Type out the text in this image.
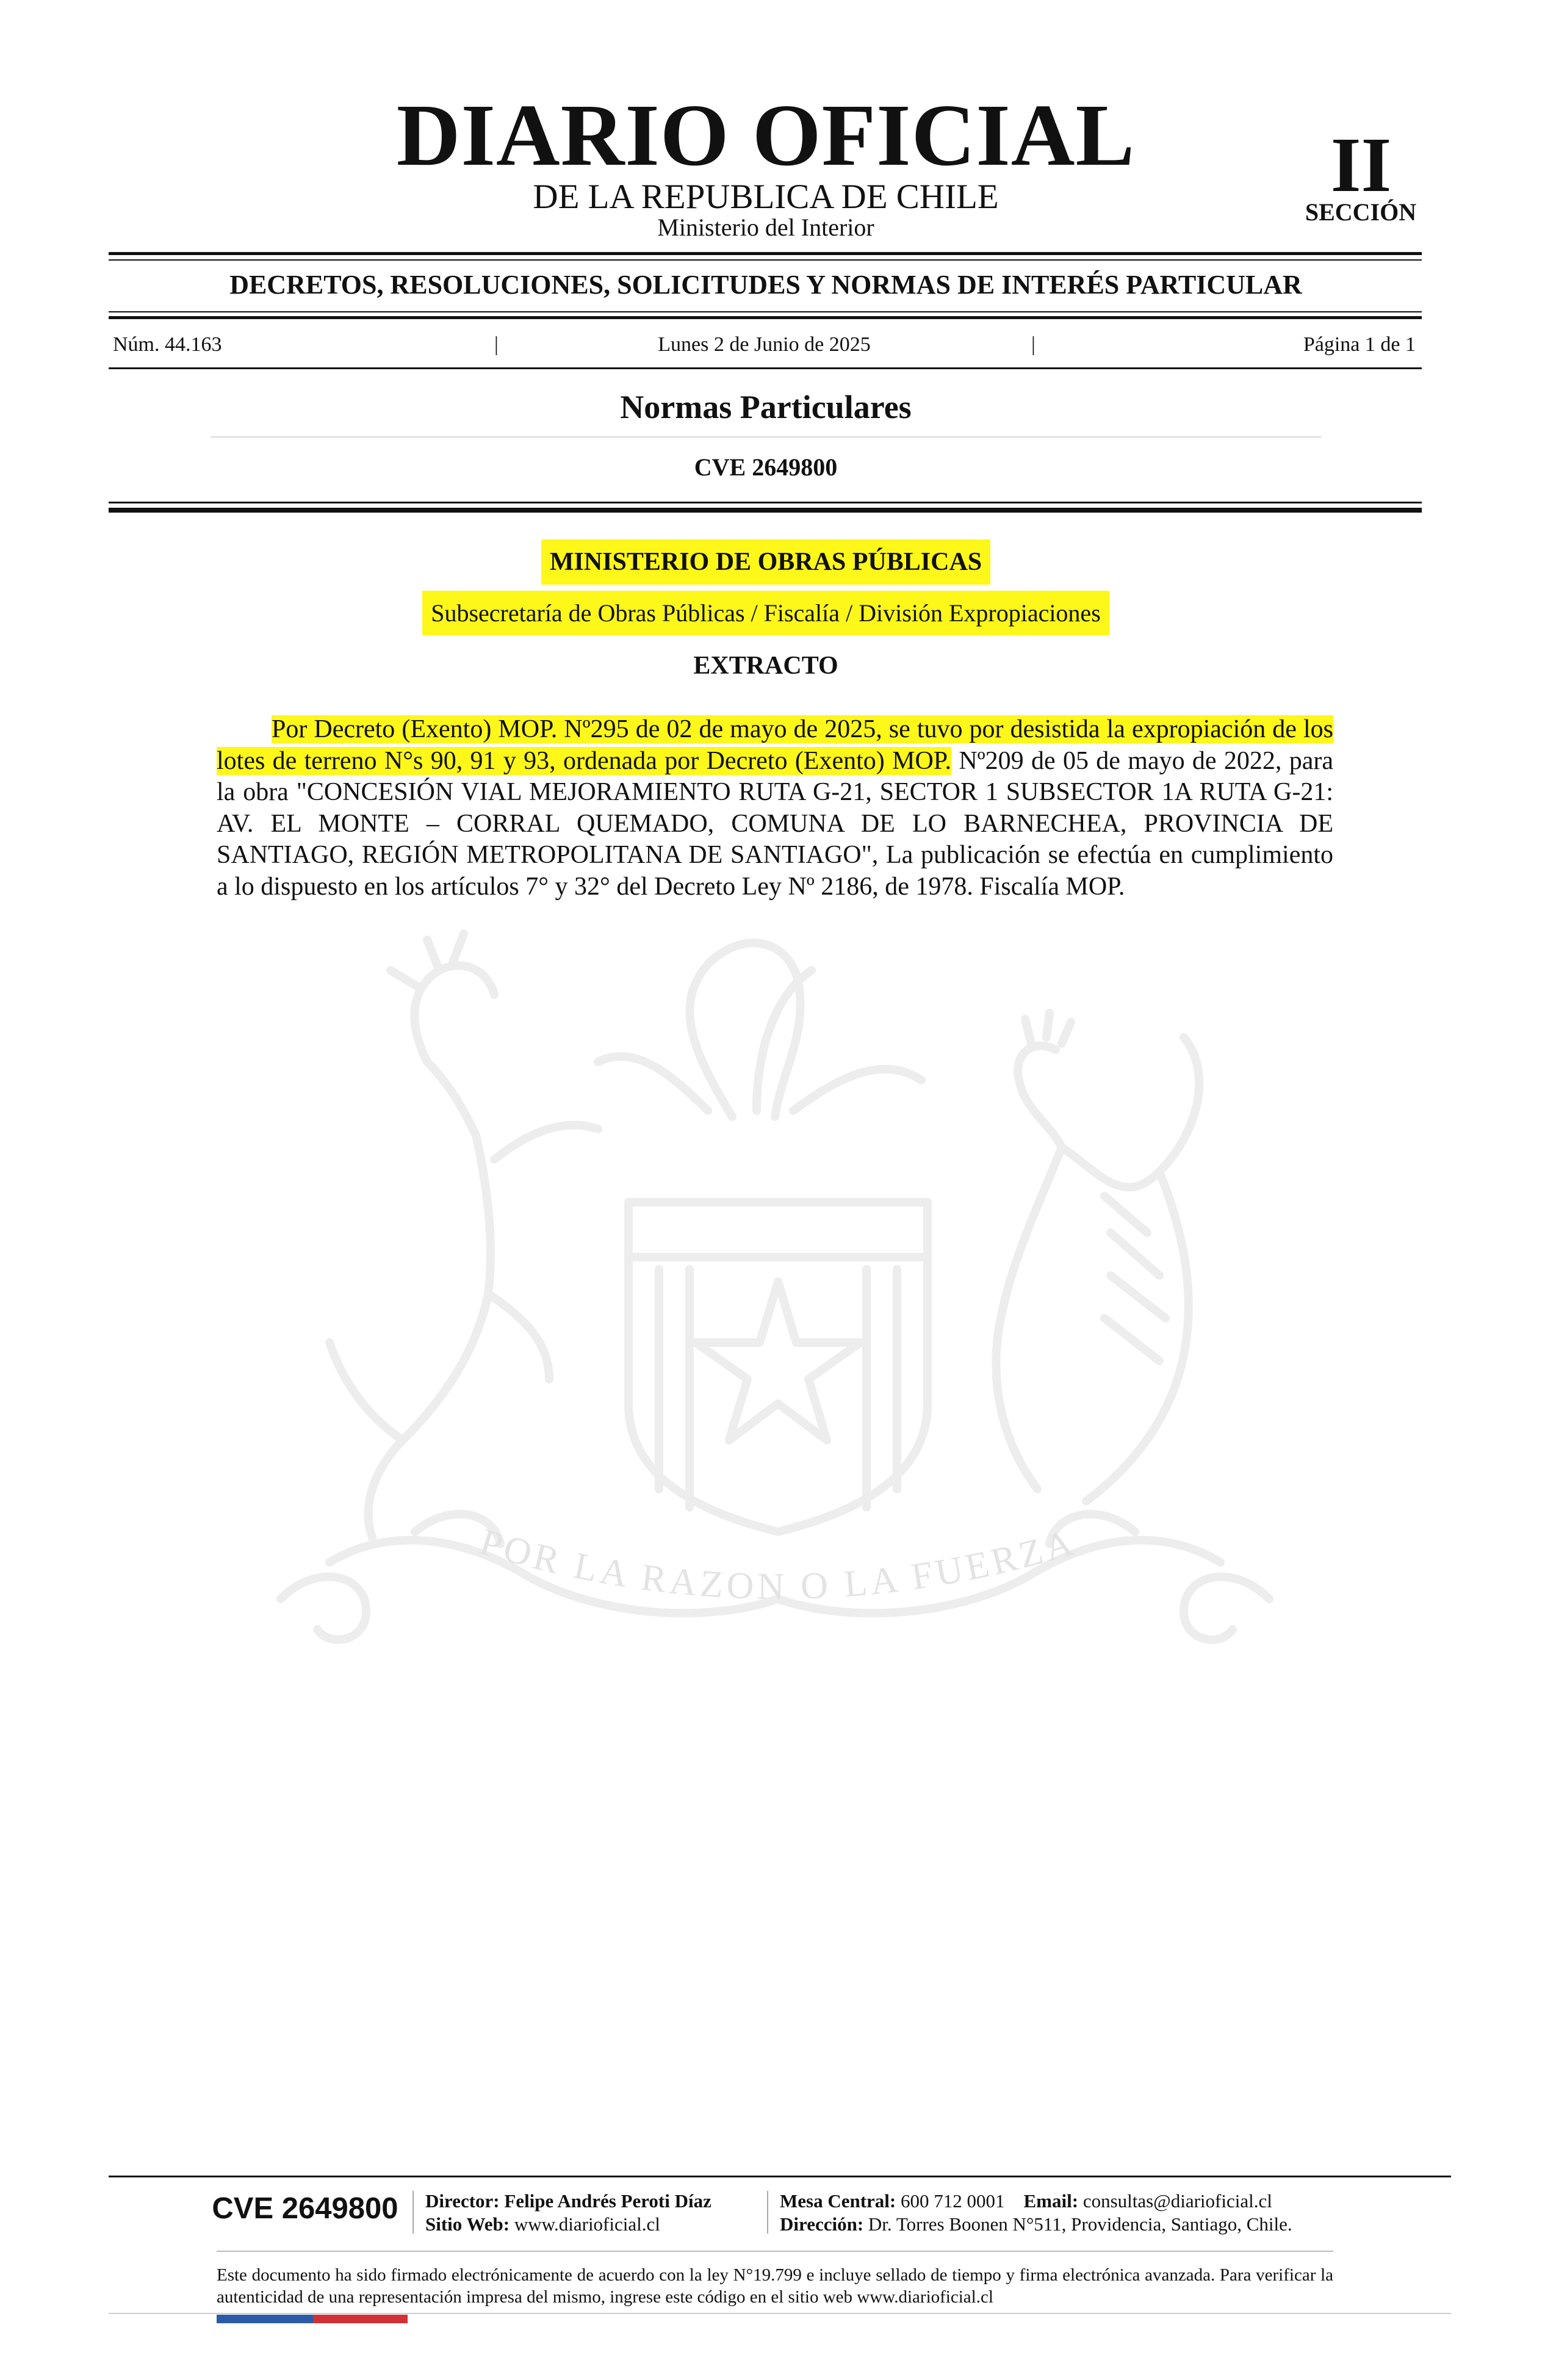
DIARIO OFICIAL
DE LA REPUBLICA DE CHILE
Ministerio del Interior
II
SECCIÓN
DECRETOS, RESOLUCIONES, SOLICITUDES Y NORMAS DE INTERÉS PARTICULAR
Núm. 44.163	|	Lunes 2 de Junio de 2025	|	Página 1 de 1
Normas Particulares
CVE 2649800
POR LA RAZON O LA FUERZA
MINISTERIO DE OBRAS PÚBLICAS
Subsecretaría de Obras Públicas / Fiscalía / División Expropiaciones
EXTRACTO
Por Decreto (Exento) MOP. Nº295 de 02 de mayo de 2025, se tuvo por desistida la expropiación de los lotes de terreno N°s 90, 91 y 93, ordenada por Decreto (Exento) MOP. Nº209 de 05 de mayo de 2022, para la obra "CONCESIÓN VIAL MEJORAMIENTO RUTA G-21, SECTOR 1 SUBSECTOR 1A RUTA G-21: AV. EL MONTE – CORRAL QUEMADO, COMUNA DE LO BARNECHEA, PROVINCIA DE SANTIAGO, REGIÓN METROPOLITANA DE SANTIAGO", La publicación se efectúa en cumplimiento a lo dispuesto en los artículos 7° y 32° del Decreto Ley Nº 2186, de 1978. Fiscalía MOP.
CVE 2649800	Director: Felipe Andrés Peroti Díaz
Sitio Web: www.diarioficial.cl
Mesa Central: 600 712 0001 Email: consultas@diarioficial.cl
Dirección: Dr. Torres Boonen N°511, Providencia, Santiago, Chile.
Este documento ha sido firmado electrónicamente de acuerdo con la ley N°19.799 e incluye sellado de tiempo y firma electrónica avanzada. Para verificar la autenticidad de una representación impresa del mismo, ingrese este código en el sitio web www.diarioficial.cl
